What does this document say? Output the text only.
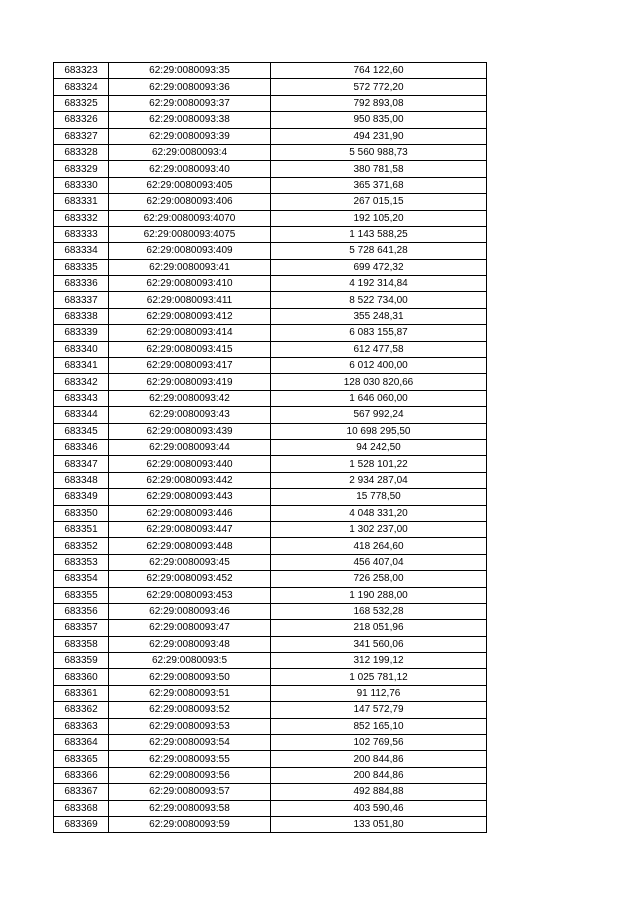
683323	62:29:0080093:35	764 122,60
683324	62:29:0080093:36	572 772,20
683325	62:29:0080093:37	792 893,08
683326	62:29:0080093:38	950 835,00
683327	62:29:0080093:39	494 231,90
683328	62:29:0080093:4	5 560 988,73
683329	62:29:0080093:40	380 781,58
683330	62:29:0080093:405	365 371,68
683331	62:29:0080093:406	267 015,15
683332	62:29:0080093:4070	192 105,20
683333	62:29:0080093:4075	1 143 588,25
683334	62:29:0080093:409	5 728 641,28
683335	62:29:0080093:41	699 472,32
683336	62:29:0080093:410	4 192 314,84
683337	62:29:0080093:411	8 522 734,00
683338	62:29:0080093:412	355 248,31
683339	62:29:0080093:414	6 083 155,87
683340	62:29:0080093:415	612 477,58
683341	62:29:0080093:417	6 012 400,00
683342	62:29:0080093:419	128 030 820,66
683343	62:29:0080093:42	1 646 060,00
683344	62:29:0080093:43	567 992,24
683345	62:29:0080093:439	10 698 295,50
683346	62:29:0080093:44	94 242,50
683347	62:29:0080093:440	1 528 101,22
683348	62:29:0080093:442	2 934 287,04
683349	62:29:0080093:443	15 778,50
683350	62:29:0080093:446	4 048 331,20
683351	62:29:0080093:447	1 302 237,00
683352	62:29:0080093:448	418 264,60
683353	62:29:0080093:45	456 407,04
683354	62:29:0080093:452	726 258,00
683355	62:29:0080093:453	1 190 288,00
683356	62:29:0080093:46	168 532,28
683357	62:29:0080093:47	218 051,96
683358	62:29:0080093:48	341 560,06
683359	62:29:0080093:5	312 199,12
683360	62:29:0080093:50	1 025 781,12
683361	62:29:0080093:51	91 112,76
683362	62:29:0080093:52	147 572,79
683363	62:29:0080093:53	852 165,10
683364	62:29:0080093:54	102 769,56
683365	62:29:0080093:55	200 844,86
683366	62:29:0080093:56	200 844,86
683367	62:29:0080093:57	492 884,88
683368	62:29:0080093:58	403 590,46
683369	62:29:0080093:59	133 051,80
